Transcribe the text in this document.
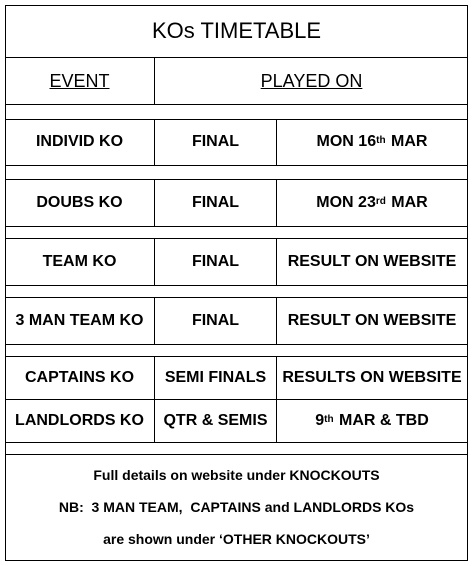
KOs TIMETABLE
EVENT	PLAYED ON
INDIVID KO	FINAL	MON 16th MAR
DOUBS KO	FINAL	MON 23rd MAR
TEAM KO	FINAL	RESULT ON WEBSITE
3 MAN TEAM KO	FINAL	RESULT ON WEBSITE
CAPTAINS KO	SEMI FINALS	RESULTS ON WEBSITE
LANDLORDS KO	QTR & SEMIS	9th MAR & TBD
Full details on website under KNOCKOUTS
NB:  3 MAN TEAM,  CAPTAINS and LANDLORDS KOs
are shown under ‘OTHER KNOCKOUTS’
